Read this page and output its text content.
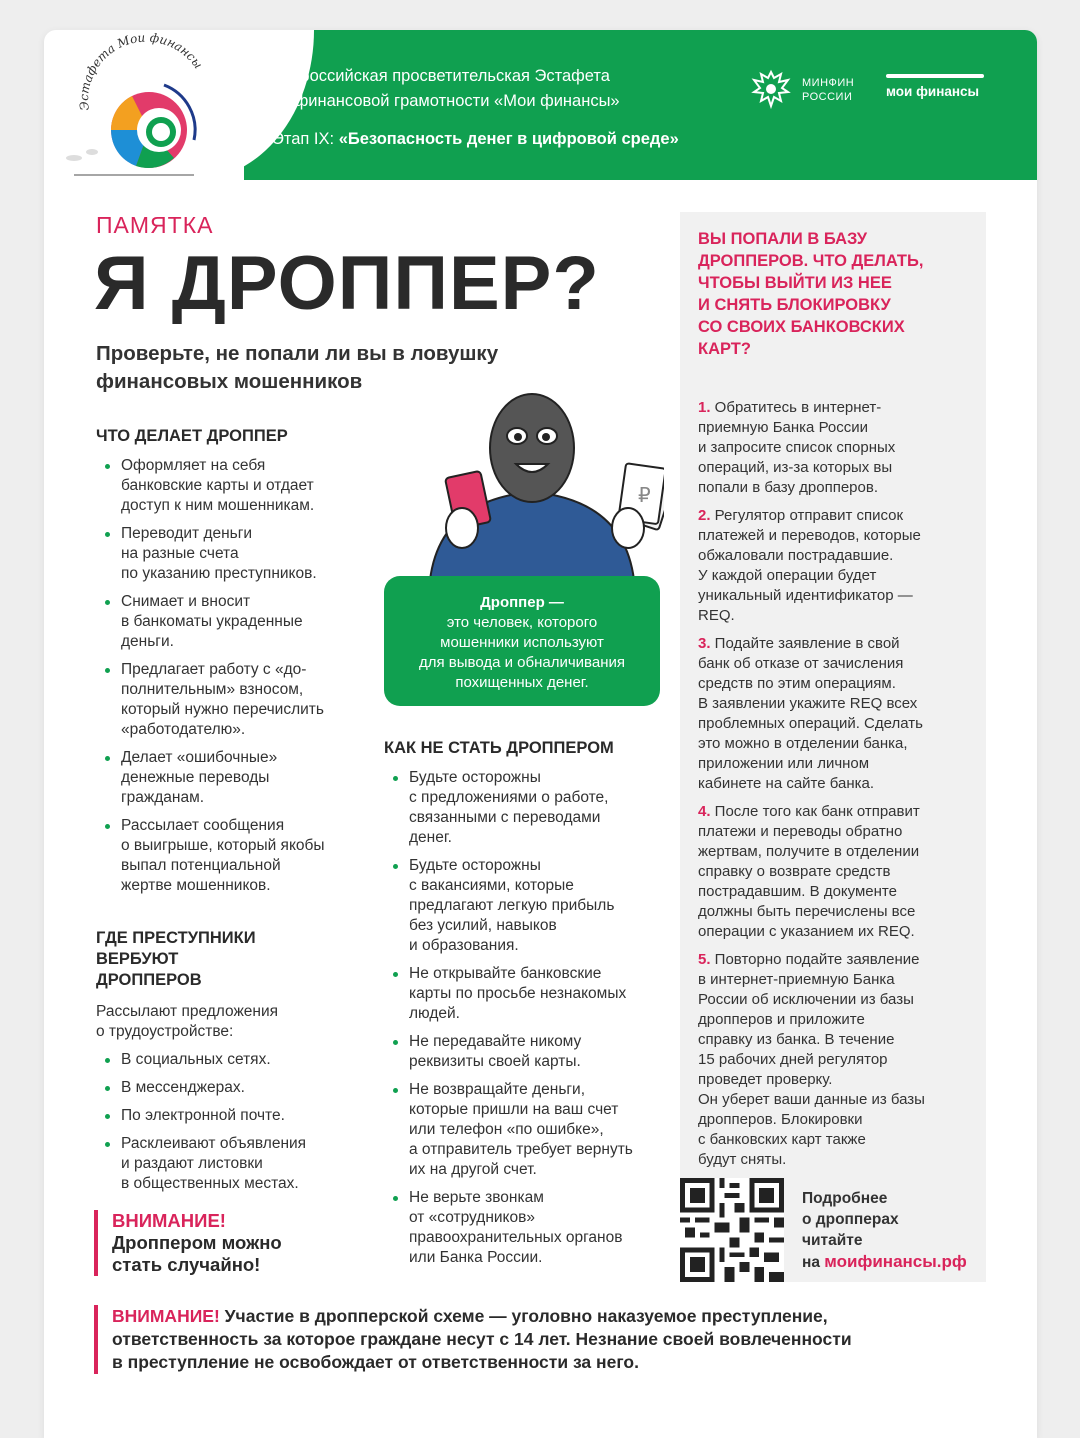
Эстафета Мои финансы
Всероссийская просветительская Эстафета
по финансовой грамотности «Мои финансы»
Этап IX: «Безопасность денег в цифровой среде»
МИНФИН
РОССИИ мои финансы
ПАМЯТКА
Я ДРОППЕР?
Проверьте, не попали ли вы в ловушку
финансовых мошенников
ЧТО ДЕЛАЕТ ДРОППЕР
Оформляет на себя
банковские карты и отдает
доступ к ним мошенникам.
Переводит деньги
на разные счета
по указанию преступников.
Снимает и вносит
в банкоматы украденные
деньги.
Предлагает работу с «до-
полнительным» взносом,
который нужно перечислить
«работодателю».
Делает «ошибочные»
денежные переводы
гражданам.
Рассылает сообщения
о выигрыше, который якобы
выпал потенциальной
жертве мошенников.
ГДЕ ПРЕСТУПНИКИ
ВЕРБУЮТ
ДРОППЕРОВ
Рассылают предложения
о трудоустройстве:
В социальных сетях.
В мессенджерах.
По электронной почте.
Расклеивают объявления
и раздают листовки
в общественных местах.
ВНИМАНИЕ!
Дроппером можно
стать случайно!
₽
Дроппер —
это человек, которого
мошенники используют
для вывода и обналичивания
похищенных денег.
КАК НЕ СТАТЬ ДРОППЕРОМ
Будьте осторожны
с предложениями о работе,
связанными с переводами
денег.
Будьте осторожны
с вакансиями, которые
предлагают легкую прибыль
без усилий, навыков
и образования.
Не открывайте банковские
карты по просьбе незнакомых
людей.
Не передавайте никому
реквизиты своей карты.
Не возвращайте деньги,
которые пришли на ваш счет
или телефон «по ошибке»,
а отправитель требует вернуть
их на другой счет.
Не верьте звонкам
от «сотрудников»
правоохранительных органов
или Банка России.
ВЫ ПОПАЛИ В БАЗУ
ДРОППЕРОВ. ЧТО ДЕЛАТЬ,
ЧТОБЫ ВЫЙТИ ИЗ НЕЕ
И СНЯТЬ БЛОКИРОВКУ
СО СВОИХ БАНКОВСКИХ
КАРТ?
1. Обратитесь в интернет-
приемную Банка России
и запросите список спорных
операций, из-за которых вы
попали в базу дропперов.
2. Регулятор отправит список
платежей и переводов, которые
обжаловали пострадавшие.
У каждой операции будет
уникальный идентификатор —
REQ.
3. Подайте заявление в свой
банк об отказе от зачисления
средств по этим операциям.
В заявлении укажите REQ всех
проблемных операций. Сделать
это можно в отделении банка,
приложении или личном
кабинете на сайте банка.
4. После того как банк отправит
платежи и переводы обратно
жертвам, получите в отделении
справку о возврате средств
пострадавшим. В документе
должны быть перечислены все
операции с указанием их REQ.
5. Повторно подайте заявление
в интернет-приемную Банка
России об исключении из базы
дропперов и приложите
справку из банка. В течение
15 рабочих дней регулятор
проведет проверку.
Он уберет ваши данные из базы
дропперов. Блокировки
с банковских карт также
будут сняты.
Подробнее
о дропперах
читайте
на моифинансы.рф
ВНИМАНИЕ! Участие в дропперской схеме — уголовно наказуемое преступление,
ответственность за которое граждане несут с 14 лет. Незнание своей вовлеченности
в преступление не освобождает от ответственности за него.
